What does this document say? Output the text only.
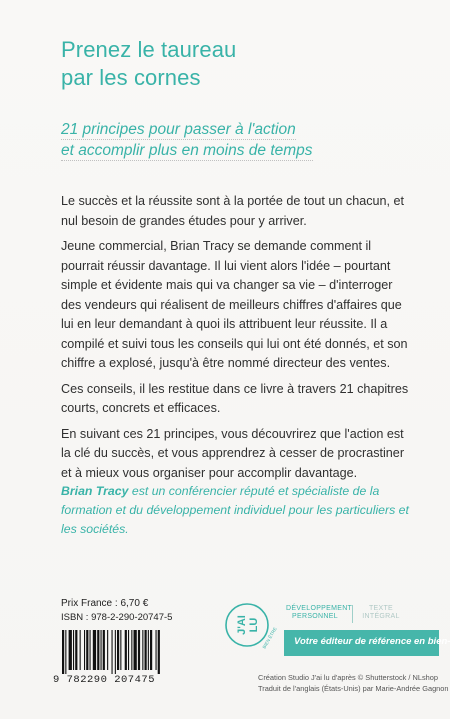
Prenez le taureau
par les cornes
21 principes pour passer à l'action
et accomplir plus en moins de temps

Le succès et la réussite sont à la portée de tout un chacun, et nul besoin de grandes études pour y arriver.

Jeune commercial, Brian Tracy se demande comment il pourrait réussir davantage. Il lui vient alors l'idée – pourtant simple et évidente mais qui va changer sa vie – d'interroger des vendeurs qui réalisent de meilleurs chiffres d'affaires que lui en leur demandant à quoi ils attribuent leur réussite. Il a compilé et suivi tous les conseils qui lui ont été donnés, et son chiffre a explosé, jusqu'à être nommé directeur des ventes.

Ces conseils, il les restitue dans ce livre à travers 21 chapitres courts, concrets et efficaces.

En suivant ces 21 principes, vous découvrirez que l'action est la clé du succès, et vous apprendrez à cesser de procrastiner et à mieux vous organiser pour accomplir davantage.

Brian Tracy est un conférencier réputé et spécialiste de la formation et du développement individuel pour les particuliers et les sociétés.
Prix France : 6,70 €
ISBN : 978-2-290-20747-5
9 782290 207475
J'AI LU
BIEN ÊTRE
DÉVELOPPEMENT PERSONNEL
TEXTE INTÉGRAL
Votre éditeur de référence en bien-être
Création Studio J'ai lu d'après © Shutterstock / NLshop
Traduit de l'anglais (États-Unis) par Marie-Andrée Gagnon
